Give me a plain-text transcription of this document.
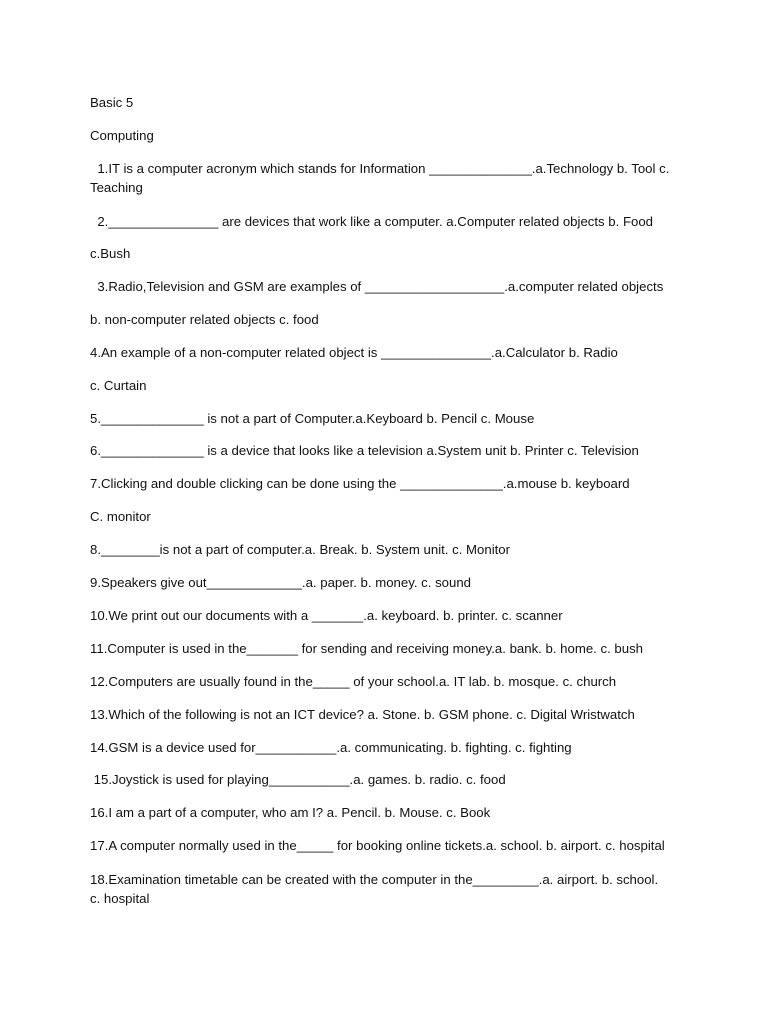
Basic 5
Computing
1.IT is a computer acronym which stands for Information ______________.a.Technology b. Tool c. Teaching
2._______________ are devices that work like a computer. a.Computer related objects b. Food
c.Bush
3.Radio,Television and GSM are examples of ___________________.a.computer related objects
b. non-computer related objects c. food
4.An example of a non-computer related object is _______________.a.Calculator b. Radio
c. Curtain
5.______________ is not a part of Computer.a.Keyboard b. Pencil c. Mouse
6.______________ is a device that looks like a television a.System unit b. Printer c. Television
7.Clicking and double clicking can be done using the ______________.a.mouse b. keyboard
C. monitor
8.________is not a part of computer.a. Break. b. System unit. c. Monitor
9.Speakers give out_____________.a. paper. b. money. c. sound
10.We print out our documents with a _______.a. keyboard. b. printer. c. scanner
11.Computer is used in the_______ for sending and receiving money.a. bank. b. home. c. bush
12.Computers are usually found in the_____ of your school.a. IT lab. b. mosque. c. church
13.Which of the following is not an ICT device? a. Stone. b. GSM phone. c. Digital Wristwatch
14.GSM is a device used for___________.a. communicating. b. fighting. c. fighting
15.Joystick is used for playing___________.a. games. b. radio. c. food
16.I am a part of a computer, who am I? a. Pencil. b. Mouse. c. Book
17.A computer normally used in the_____ for booking online tickets.a. school. b. airport. c. hospital
18.Examination timetable can be created with the computer in the_________.a. airport. b. school. c. hospital
